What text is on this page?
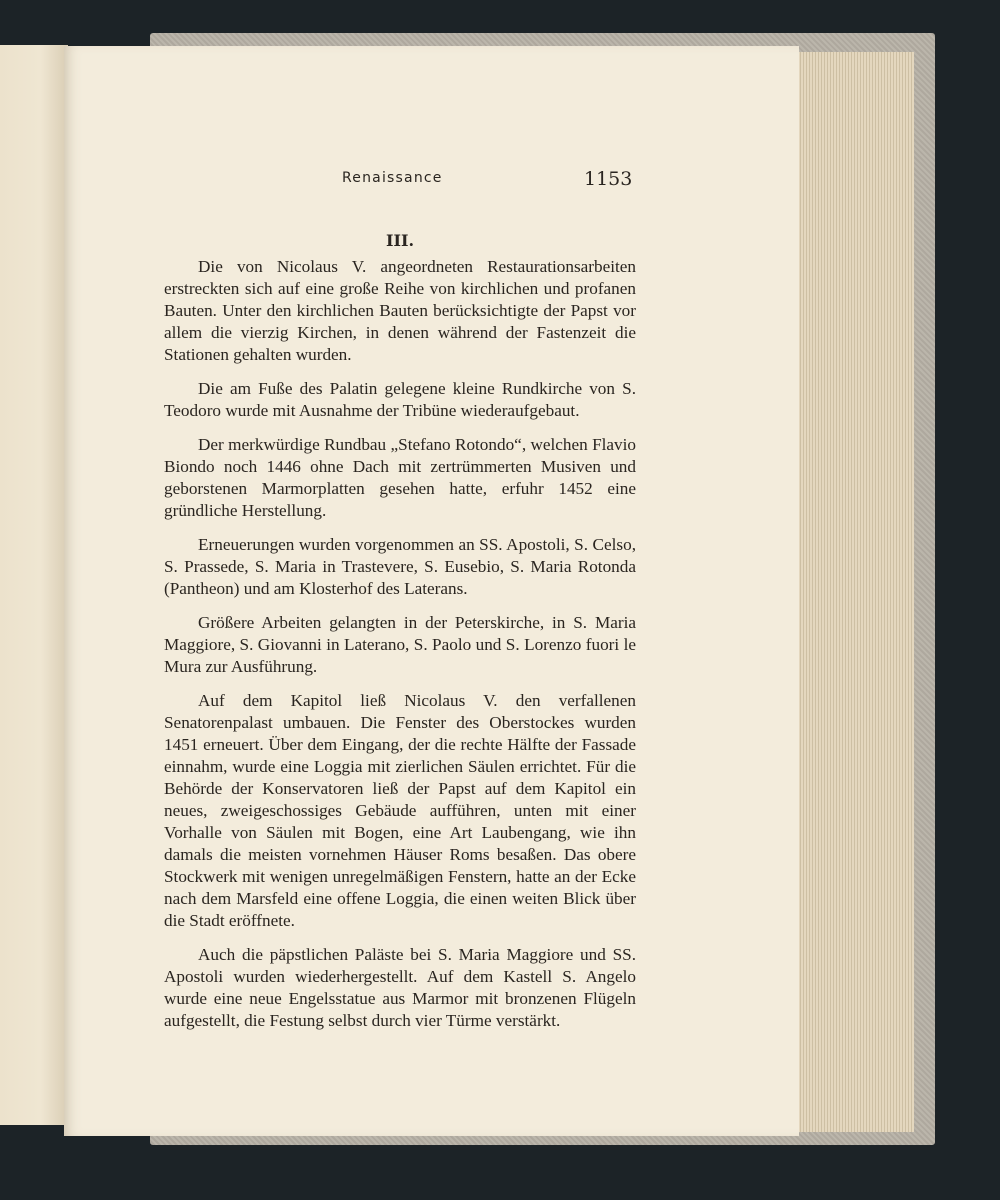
Renaissance	1153
III.

Die von Nicolaus V. angeordneten Restaurationsarbeiten erstreckten sich auf eine große Reihe von kirchlichen und profanen Bauten. Unter den kirchlichen Bauten berücksichtigte der Papst vor allem die vierzig Kirchen, in denen während der Fastenzeit die Stationen gehalten wurden.

Die am Fuße des Palatin gelegene kleine Rundkirche von S. Teodoro wurde mit Ausnahme der Tribüne wiederaufgebaut.

Der merkwürdige Rundbau „Stefano Rotondo“, welchen Flavio Biondo noch 1446 ohne Dach mit zertrümmerten Musiven und geborstenen Marmorplatten gesehen hatte, erfuhr 1452 eine gründliche Herstellung.

Erneuerungen wurden vorgenommen an SS. Apostoli, S. Celso, S. Prassede, S. Maria in Trastevere, S. Eusebio, S. Maria Rotonda (Pantheon) und am Klosterhof des Laterans.

Größere Arbeiten gelangten in der Peterskirche, in S. Maria Maggiore, S. Giovanni in Laterano, S. Paolo und S. Lorenzo fuori le Mura zur Ausführung.

Auf dem Kapitol ließ Nicolaus V. den verfallenen Senatorenpalast umbauen. Die Fenster des Oberstockes wurden 1451 erneuert. Über dem Eingang, der die rechte Hälfte der Fassade einnahm, wurde eine Loggia mit zierlichen Säulen errichtet. Für die Behörde der Konservatoren ließ der Papst auf dem Kapitol ein neues, zweigeschossiges Gebäude aufführen, unten mit einer Vorhalle von Säulen mit Bogen, eine Art Laubengang, wie ihn damals die meisten vornehmen Häuser Roms besaßen. Das obere Stockwerk mit wenigen unregelmäßigen Fenstern, hatte an der Ecke nach dem Marsfeld eine offene Loggia, die einen weiten Blick über die Stadt eröffnete.

Auch die päpstlichen Paläste bei S. Maria Maggiore und SS. Apostoli wurden wiederhergestellt. Auf dem Kastell S. Angelo wurde eine neue Engelsstatue aus Marmor mit bronzenen Flügeln aufgestellt, die Festung selbst durch vier Türme verstärkt.
